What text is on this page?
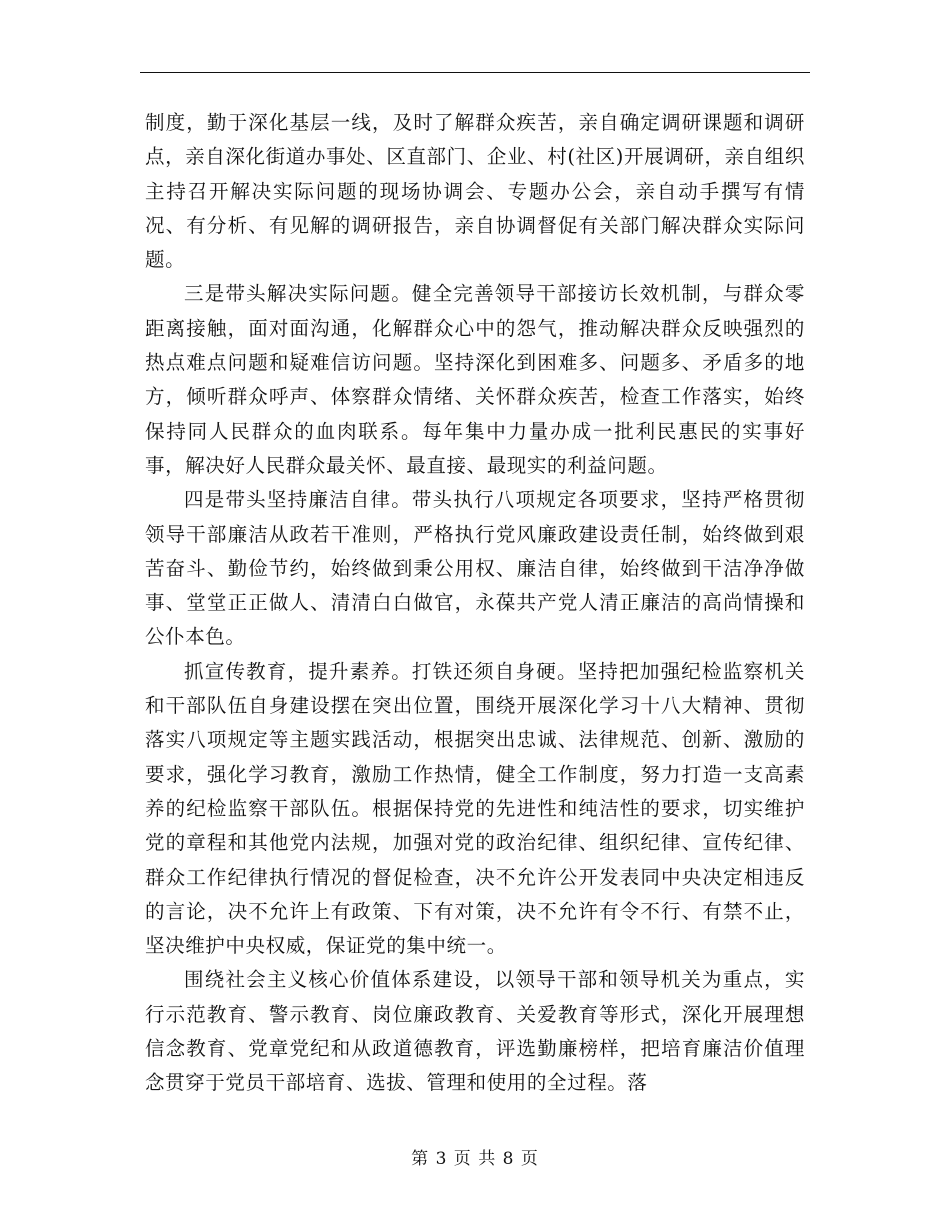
制度，勤于深化基层一线，及时了解群众疾苦，亲自确定调研课题和调研点，亲自深化街道办事处、区直部门、企业、村(社区)开展调研，亲自组织主持召开解决实际问题的现场协调会、专题办公会，亲自动手撰写有情况、有分析、有见解的调研报告，亲自协调督促有关部门解决群众实际问题。

三是带头解决实际问题。健全完善领导干部接访长效机制，与群众零距离接触，面对面沟通，化解群众心中的怨气，推动解决群众反映强烈的热点难点问题和疑难信访问题。坚持深化到困难多、问题多、矛盾多的地方，倾听群众呼声、体察群众情绪、关怀群众疾苦，检查工作落实，始终保持同人民群众的血肉联系。每年集中力量办成一批利民惠民的实事好事，解决好人民群众最关怀、最直接、最现实的利益问题。

四是带头坚持廉洁自律。带头执行八项规定各项要求，坚持严格贯彻领导干部廉洁从政若干准则，严格执行党风廉政建设责任制，始终做到艰苦奋斗、勤俭节约，始终做到秉公用权、廉洁自律，始终做到干洁净净做事、堂堂正正做人、清清白白做官，永葆共产党人清正廉洁的高尚情操和公仆本色。

抓宣传教育，提升素养。打铁还须自身硬。坚持把加强纪检监察机关和干部队伍自身建设摆在突出位置，围绕开展深化学习十八大精神、贯彻落实八项规定等主题实践活动，根据突出忠诚、法律规范、创新、激励的要求，强化学习教育，激励工作热情，健全工作制度，努力打造一支高素养的纪检监察干部队伍。根据保持党的先进性和纯洁性的要求，切实维护党的章程和其他党内法规，加强对党的政治纪律、组织纪律、宣传纪律、群众工作纪律执行情况的督促检查，决不允许公开发表同中央决定相违反的言论，决不允许上有政策、下有对策，决不允许有令不行、有禁不止，坚决维护中央权威，保证党的集中统一。

围绕社会主义核心价值体系建设，以领导干部和领导机关为重点，实行示范教育、警示教育、岗位廉政教育、关爱教育等形式，深化开展理想信念教育、党章党纪和从政道德教育，评选勤廉榜样，把培育廉洁价值理念贯穿于党员干部培育、选拔、管理和使用的全过程。落

第 3 页 共 8 页
